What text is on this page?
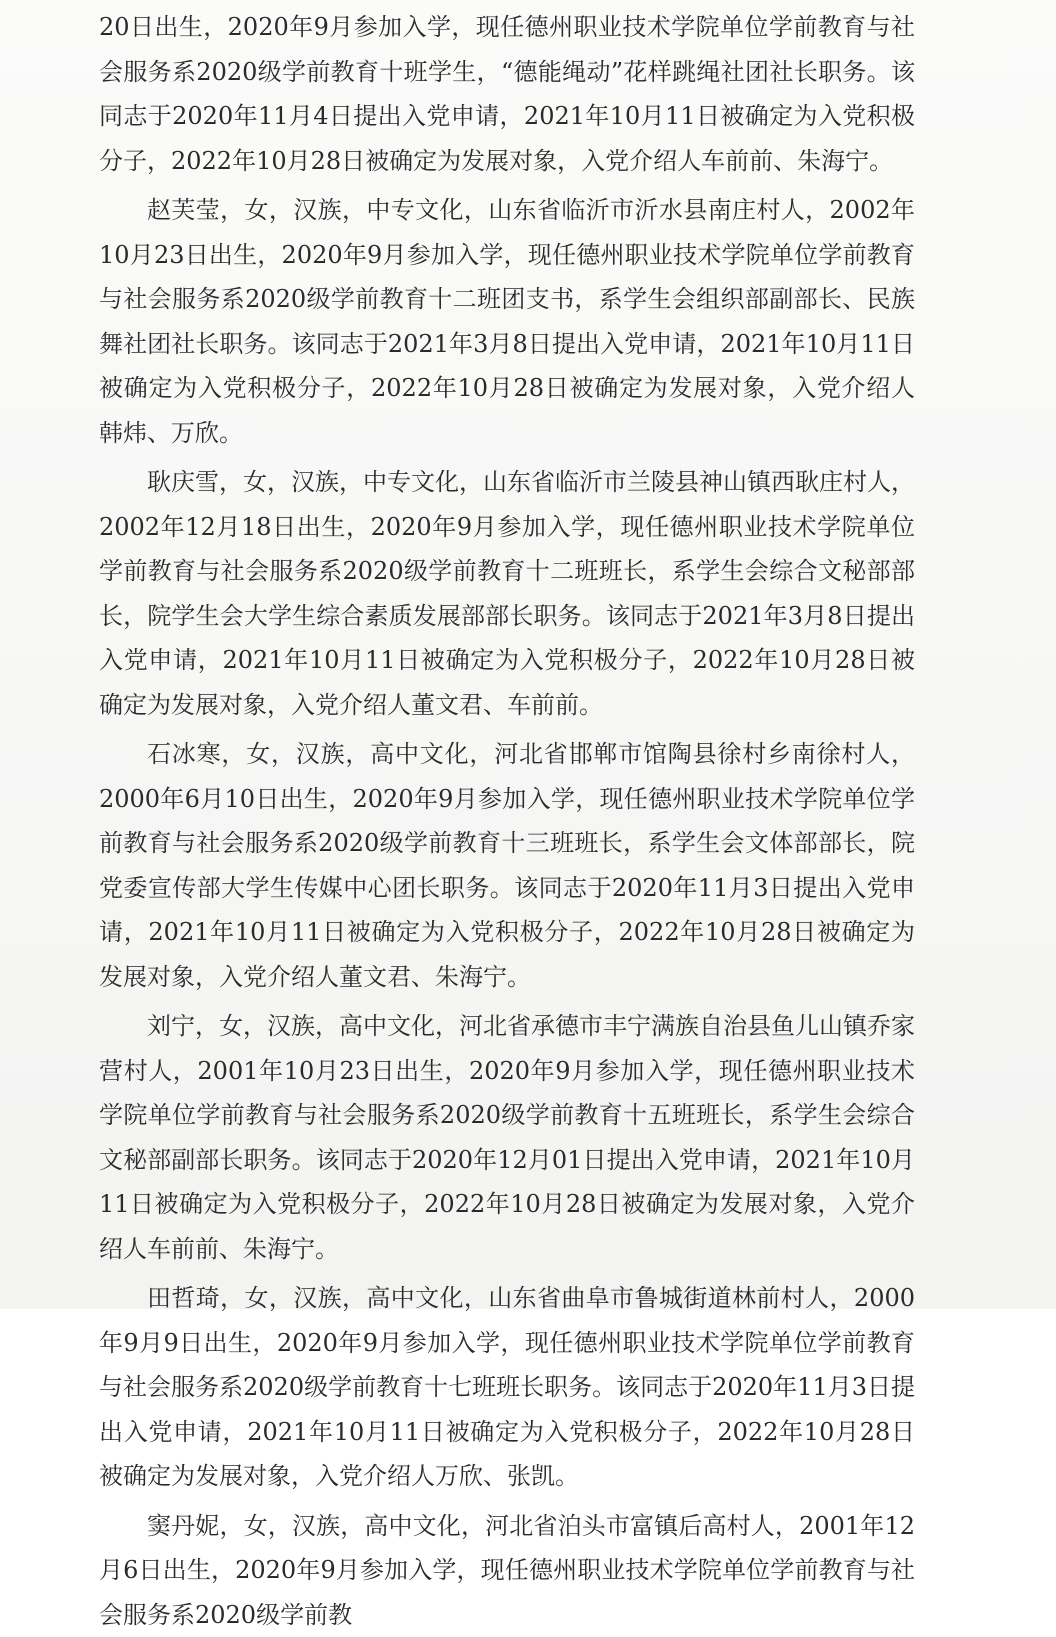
20日出生，2020年9月参加入学，现任德州职业技术学院单位学前教育与社会服务系2020级学前教育十班学生，“德能绳动”花样跳绳社团社长职务。该同志于2020年11月4日提出入党申请，2021年10月11日被确定为入党积极分子，2022年10月28日被确定为发展对象，入党介绍人车前前、朱海宁。

赵芙莹，女，汉族，中专文化，山东省临沂市沂水县南庄村人，2002年10月23日出生，2020年9月参加入学，现任德州职业技术学院单位学前教育与社会服务系2020级学前教育十二班团支书，系学生会组织部副部长、民族舞社团社长职务。该同志于2021年3月8日提出入党申请，2021年10月11日被确定为入党积极分子，2022年10月28日被确定为发展对象，入党介绍人韩炜、万欣。

耿庆雪，女，汉族，中专文化，山东省临沂市兰陵县神山镇西耿庄村人，2002年12月18日出生，2020年9月参加入学，现任德州职业技术学院单位学前教育与社会服务系2020级学前教育十二班班长，系学生会综合文秘部部长，院学生会大学生综合素质发展部部长职务。该同志于2021年3月8日提出入党申请，2021年10月11日被确定为入党积极分子，2022年10月28日被确定为发展对象，入党介绍人董文君、车前前。

石冰寒，女，汉族，高中文化，河北省邯郸市馆陶县徐村乡南徐村人，2000年6月10日出生，2020年9月参加入学，现任德州职业技术学院单位学前教育与社会服务系2020级学前教育十三班班长，系学生会文体部部长，院党委宣传部大学生传媒中心团长职务。该同志于2020年11月3日提出入党申请，2021年10月11日被确定为入党积极分子，2022年10月28日被确定为发展对象，入党介绍人董文君、朱海宁。

刘宁，女，汉族，高中文化，河北省承德市丰宁满族自治县鱼儿山镇乔家营村人，2001年10月23日出生，2020年9月参加入学，现任德州职业技术学院单位学前教育与社会服务系2020级学前教育十五班班长，系学生会综合文秘部副部长职务。该同志于2020年12月01日提出入党申请，2021年10月11日被确定为入党积极分子，2022年10月28日被确定为发展对象，入党介绍人车前前、朱海宁。

田哲琦，女，汉族，高中文化，山东省曲阜市鲁城街道林前村人，2000年9月9日出生，2020年9月参加入学，现任德州职业技术学院单位学前教育与社会服务系2020级学前教育十七班班长职务。该同志于2020年11月3日提出入党申请，2021年10月11日被确定为入党积极分子，2022年10月28日被确定为发展对象，入党介绍人万欣、张凯。

窦丹妮，女，汉族，高中文化，河北省泊头市富镇后高村人，2001年12月6日出生，2020年9月参加入学，现任德州职业技术学院单位学前教育与社会服务系2020级学前教
